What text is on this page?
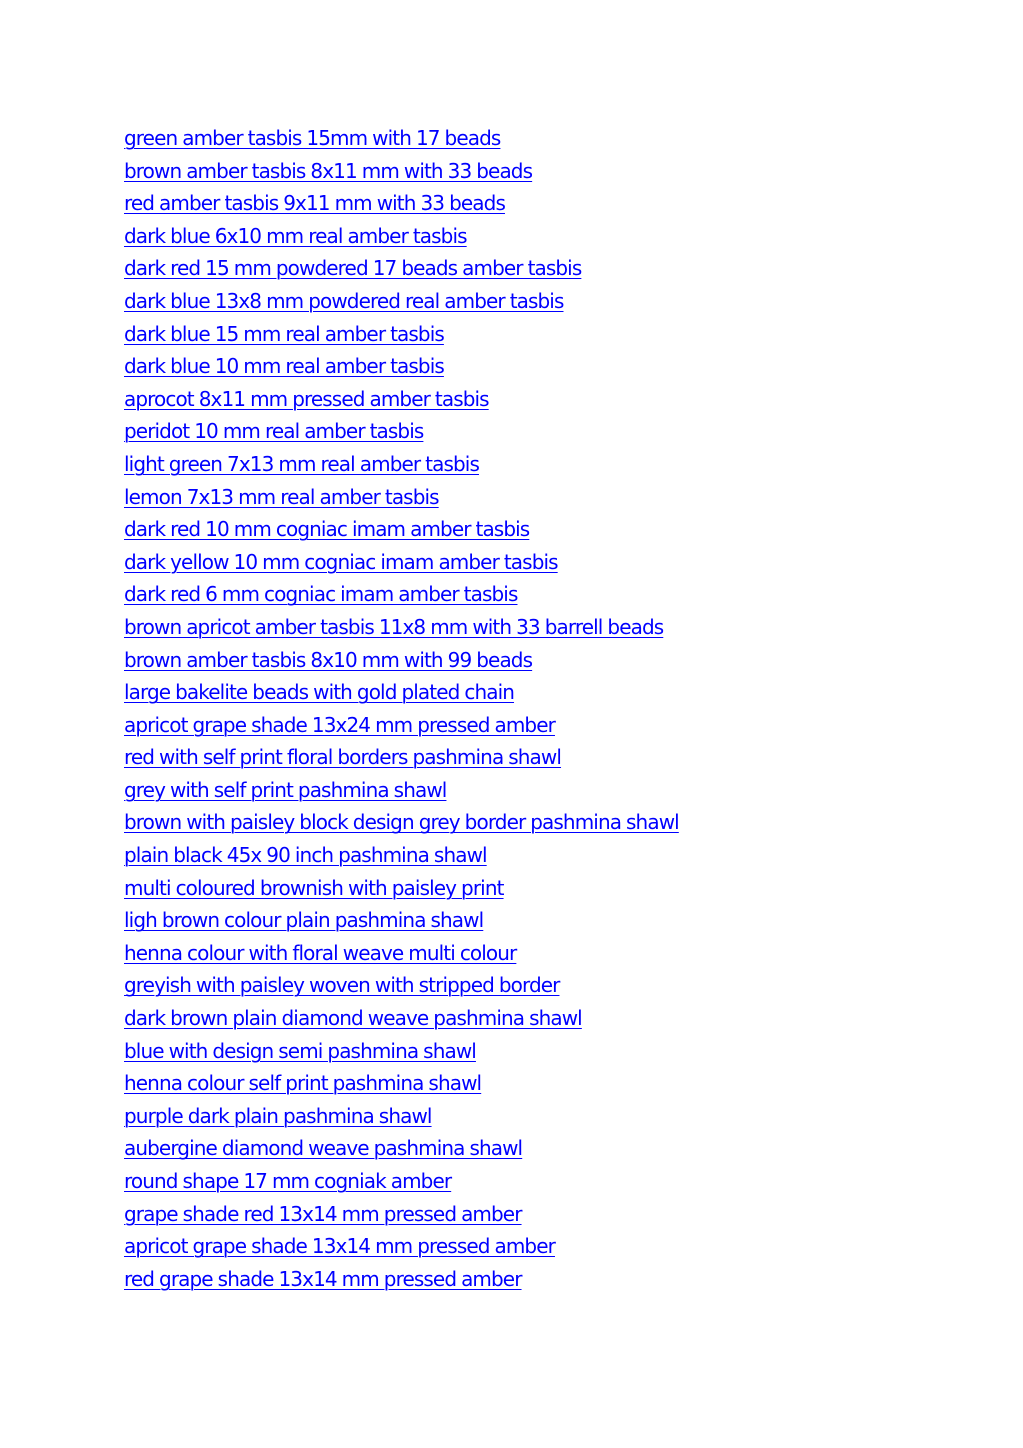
green amber tasbis 15mm with 17 beads
brown amber tasbis 8x11 mm with 33 beads
red amber tasbis 9x11 mm with 33 beads
dark blue 6x10 mm real amber tasbis
dark red 15 mm powdered 17 beads amber tasbis
dark blue 13x8 mm powdered real amber tasbis
dark blue 15 mm real amber tasbis
dark blue 10 mm real amber tasbis
aprocot 8x11 mm pressed amber tasbis
peridot 10 mm real amber tasbis
light green 7x13 mm real amber tasbis
lemon 7x13 mm real amber tasbis
dark red 10 mm cogniac imam amber tasbis
dark yellow 10 mm cogniac imam amber tasbis
dark red 6 mm cogniac imam amber tasbis
brown apricot amber tasbis 11x8 mm with 33 barrell beads
brown amber tasbis 8x10 mm with 99 beads
large bakelite beads with gold plated chain
apricot grape shade 13x24 mm pressed amber
red with self print floral borders pashmina shawl
grey with self print pashmina shawl
brown with paisley block design grey border pashmina shawl
plain black 45x 90 inch pashmina shawl
multi coloured brownish with paisley print
ligh brown colour plain pashmina shawl
henna colour with floral weave multi colour
greyish with paisley woven with stripped border
dark brown plain diamond weave pashmina shawl
blue with design semi pashmina shawl
henna colour self print pashmina shawl
purple dark plain pashmina shawl
aubergine diamond weave pashmina shawl
round shape 17 mm cogniak amber
grape shade red 13x14 mm pressed amber
apricot grape shade 13x14 mm pressed amber
red grape shade 13x14 mm pressed amber
